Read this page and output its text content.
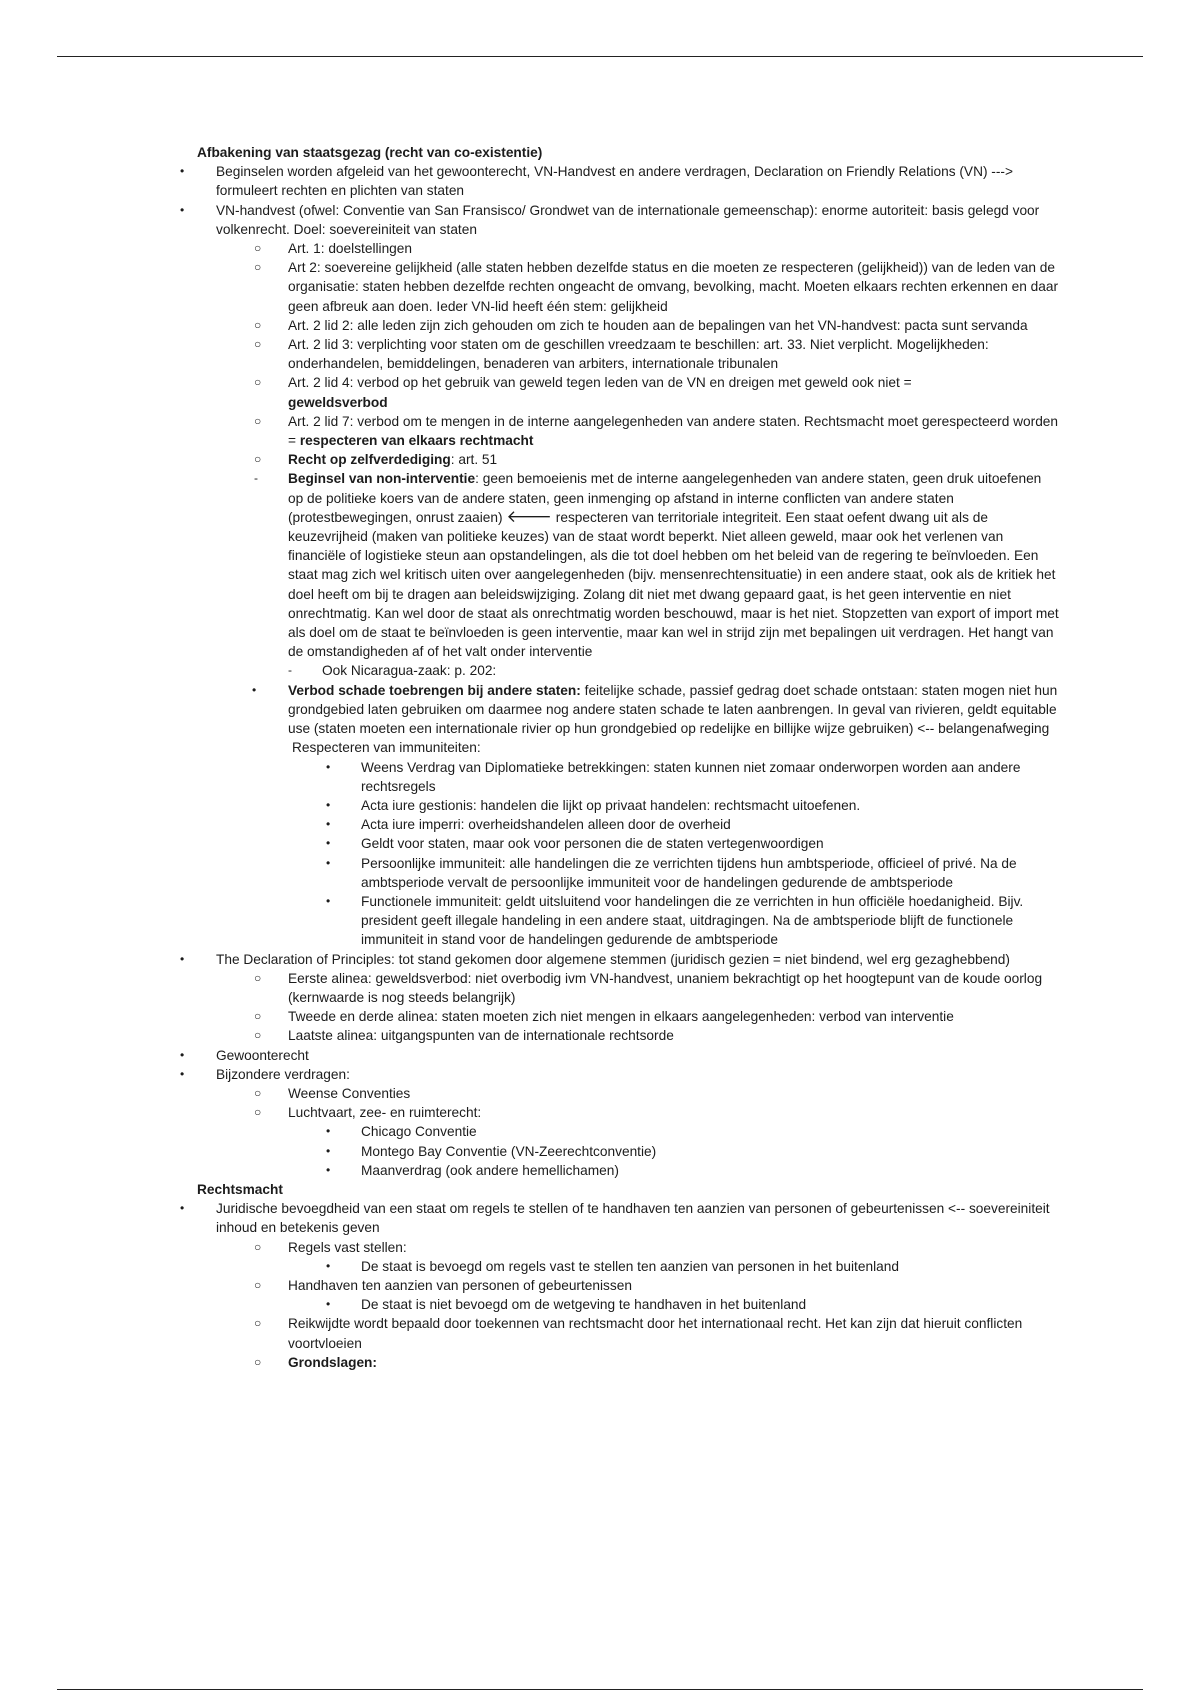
Afbakening van staatsgezag (recht van co-existentie)
• Beginselen worden afgeleid van het gewoonterecht, VN-Handvest en andere verdragen, Declaration on Friendly Relations (VN) ---> formuleert rechten en plichten van staten
• VN-handvest (ofwel: Conventie van San Fransisco/ Grondwet van de internationale gemeenschap): enorme autoriteit: basis gelegd voor volkenrecht. Doel: soevereiniteit van staten
○ Art. 1: doelstellingen
○ Art 2: soevereine gelijkheid (alle staten hebben dezelfde status en die moeten ze respecteren (gelijkheid)) van de leden van de organisatie: staten hebben dezelfde rechten ongeacht de omvang, bevolking, macht. Moeten elkaars rechten erkennen en daar geen afbreuk aan doen. Ieder VN-lid heeft één stem: gelijkheid
○ Art. 2 lid 2: alle leden zijn zich gehouden om zich te houden aan de bepalingen van het VN-handvest: pacta sunt servanda
○ Art. 2 lid 3: verplichting voor staten om de geschillen vreedzaam te beschillen: art. 33. Niet verplicht. Mogelijkheden: onderhandelen, bemiddelingen, benaderen van arbiters, internationale tribunalen
○ Art. 2 lid 4: verbod op het gebruik van geweld tegen leden van de VN en dreigen met geweld ook niet =
geweldsverbod
○ Art. 2 lid 7: verbod om te mengen in de interne aangelegenheden van andere staten. Rechtsmacht moet gerespecteerd worden = respecteren van elkaars rechtmacht
○ Recht op zelfverdediging: art. 51
- Beginsel van non-interventie: geen bemoeienis met de interne aangelegenheden van andere staten, geen druk uitoefenen op de politieke koers van de andere staten, geen inmenging op afstand in interne conflicten van andere staten (protestbewegingen, onrust zaaien) 🡐 respecteren van territoriale integriteit. Een staat oefent dwang uit als de keuzevrijheid (maken van politieke keuzes) van de staat wordt beperkt. Niet alleen geweld, maar ook het verlenen van financiële of logistieke steun aan opstandelingen, als die tot doel hebben om het beleid van de regering te beïnvloeden. Een staat mag zich wel kritisch uiten over aangelegenheden (bijv. mensenrechtensituatie) in een andere staat, ook als de kritiek het doel heeft om bij te dragen aan beleidswijziging. Zolang dit niet met dwang gepaard gaat, is het geen interventie en niet onrechtmatig. Kan wel door de staat als onrechtmatig worden beschouwd, maar is het niet. Stopzetten van export of import met als doel om de staat te beïnvloeden is geen interventie, maar kan wel in strijd zijn met bepalingen uit verdragen. Het hangt van de omstandigheden af of het valt onder interventie
- Ook Nicaragua-zaak: p. 202:
• Verbod schade toebrengen bij andere staten: feitelijke schade, passief gedrag doet schade ontstaan: staten mogen niet hun grondgebied laten gebruiken om daarmee nog andere staten schade te laten aanbrengen. In geval van rivieren, geldt equitable use (staten moeten een internationale rivier op hun grondgebied op redelijke en billijke wijze gebruiken) <-- belangenafweging
Respecteren van immuniteiten:
• Weens Verdrag van Diplomatieke betrekkingen: staten kunnen niet zomaar onderworpen worden aan andere rechtsregels
• Acta iure gestionis: handelen die lijkt op privaat handelen: rechtsmacht uitoefenen.
• Acta iure imperri: overheidshandelen alleen door de overheid
• Geldt voor staten, maar ook voor personen die de staten vertegenwoordigen
• Persoonlijke immuniteit: alle handelingen die ze verrichten tijdens hun ambtsperiode, officieel of privé. Na de ambtsperiode vervalt de persoonlijke immuniteit voor de handelingen gedurende de ambtsperiode
• Functionele immuniteit: geldt uitsluitend voor handelingen die ze verrichten in hun officiële hoedanigheid. Bijv. president geeft illegale handeling in een andere staat, uitdragingen. Na de ambtsperiode blijft de functionele immuniteit in stand voor de handelingen gedurende de ambtsperiode
• The Declaration of Principles: tot stand gekomen door algemene stemmen (juridisch gezien = niet bindend, wel erg gezaghebbend)
○ Eerste alinea: geweldsverbod: niet overbodig ivm VN-handvest, unaniem bekrachtigt op het hoogtepunt van de koude oorlog (kernwaarde is nog steeds belangrijk)
○ Tweede en derde alinea: staten moeten zich niet mengen in elkaars aangelegenheden: verbod van interventie
○ Laatste alinea: uitgangspunten van de internationale rechtsorde
• Gewoonterecht
• Bijzondere verdragen:
○ Weense Conventies
○ Luchtvaart, zee- en ruimterecht:
• Chicago Conventie
• Montego Bay Conventie (VN-Zeerechtconventie)
• Maanverdrag (ook andere hemellichamen)
Rechtsmacht
• Juridische bevoegdheid van een staat om regels te stellen of te handhaven ten aanzien van personen of gebeurtenissen <-- soevereiniteit inhoud en betekenis geven
○ Regels vast stellen:
• De staat is bevoegd om regels vast te stellen ten aanzien van personen in het buitenland
○ Handhaven ten aanzien van personen of gebeurtenissen
• De staat is niet bevoegd om de wetgeving te handhaven in het buitenland
○ Reikwijdte wordt bepaald door toekennen van rechtsmacht door het internationaal recht. Het kan zijn dat hieruit conflicten voortvloeien
○ Grondslagen:
